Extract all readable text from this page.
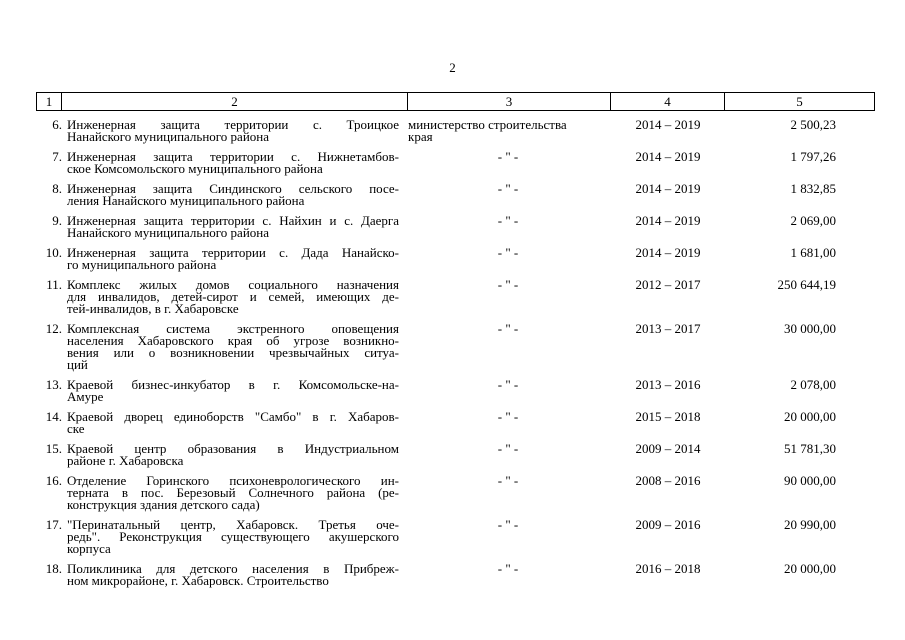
2
1	2	3	4	5
6. Инженерная защита территории с. Троицкое
Нанайского муниципального района
министерство строительства
края
2014 – 2019	2 500,23
7. Инженерная защита территории с. Нижнетамбов-
ское Комсомольского муниципального района
- " -	2014 – 2019	1 797,26
8. Инженерная защита Синдинского сельского посе-
ления Нанайского муниципального района
- " -	2014 – 2019	1 832,85
9. Инженерная защита территории с. Найхин и с. Даерга
Нанайского муниципального района
- " -	2014 – 2019	2 069,00
10. Инженерная защита территории с. Дада Нанайско-
го муниципального района
- " -	2014 – 2019	1 681,00
11. Комплекс жилых домов социального назначения
для инвалидов, детей-сирот и семей, имеющих де-
тей-инвалидов, в г. Хабаровске
- " -	2012 – 2017	250 644,19
12. Комплексная система экстренного оповещения
населения Хабаровского края об угрозе возникно-
вения или о возникновении чрезвычайных ситуа-
ций
- " -	2013 – 2017	30 000,00
13. Краевой бизнес-инкубатор в г. Комсомольске-на-
Амуре
- " -	2013 – 2016	2 078,00
14. Краевой дворец единоборств "Самбо" в г. Хабаров-
ске
- " -	2015 – 2018	20 000,00
15. Краевой центр образования в Индустриальном
районе г. Хабаровска
- " -	2009 – 2014	51 781,30
16. Отделение Горинского психоневрологического ин-
терната в пос. Березовый Солнечного района (ре-
конструкция здания детского сада)
- " -	2008 – 2016	90 000,00
17. "Перинатальный центр, Хабаровск. Третья оче-
редь". Реконструкция существующего акушерского
корпуса
- " -	2009 – 2016	20 990,00
18. Поликлиника для детского населения в Прибреж-
ном микрорайоне, г. Хабаровск. Строительство
- " -	2016 – 2018	20 000,00
